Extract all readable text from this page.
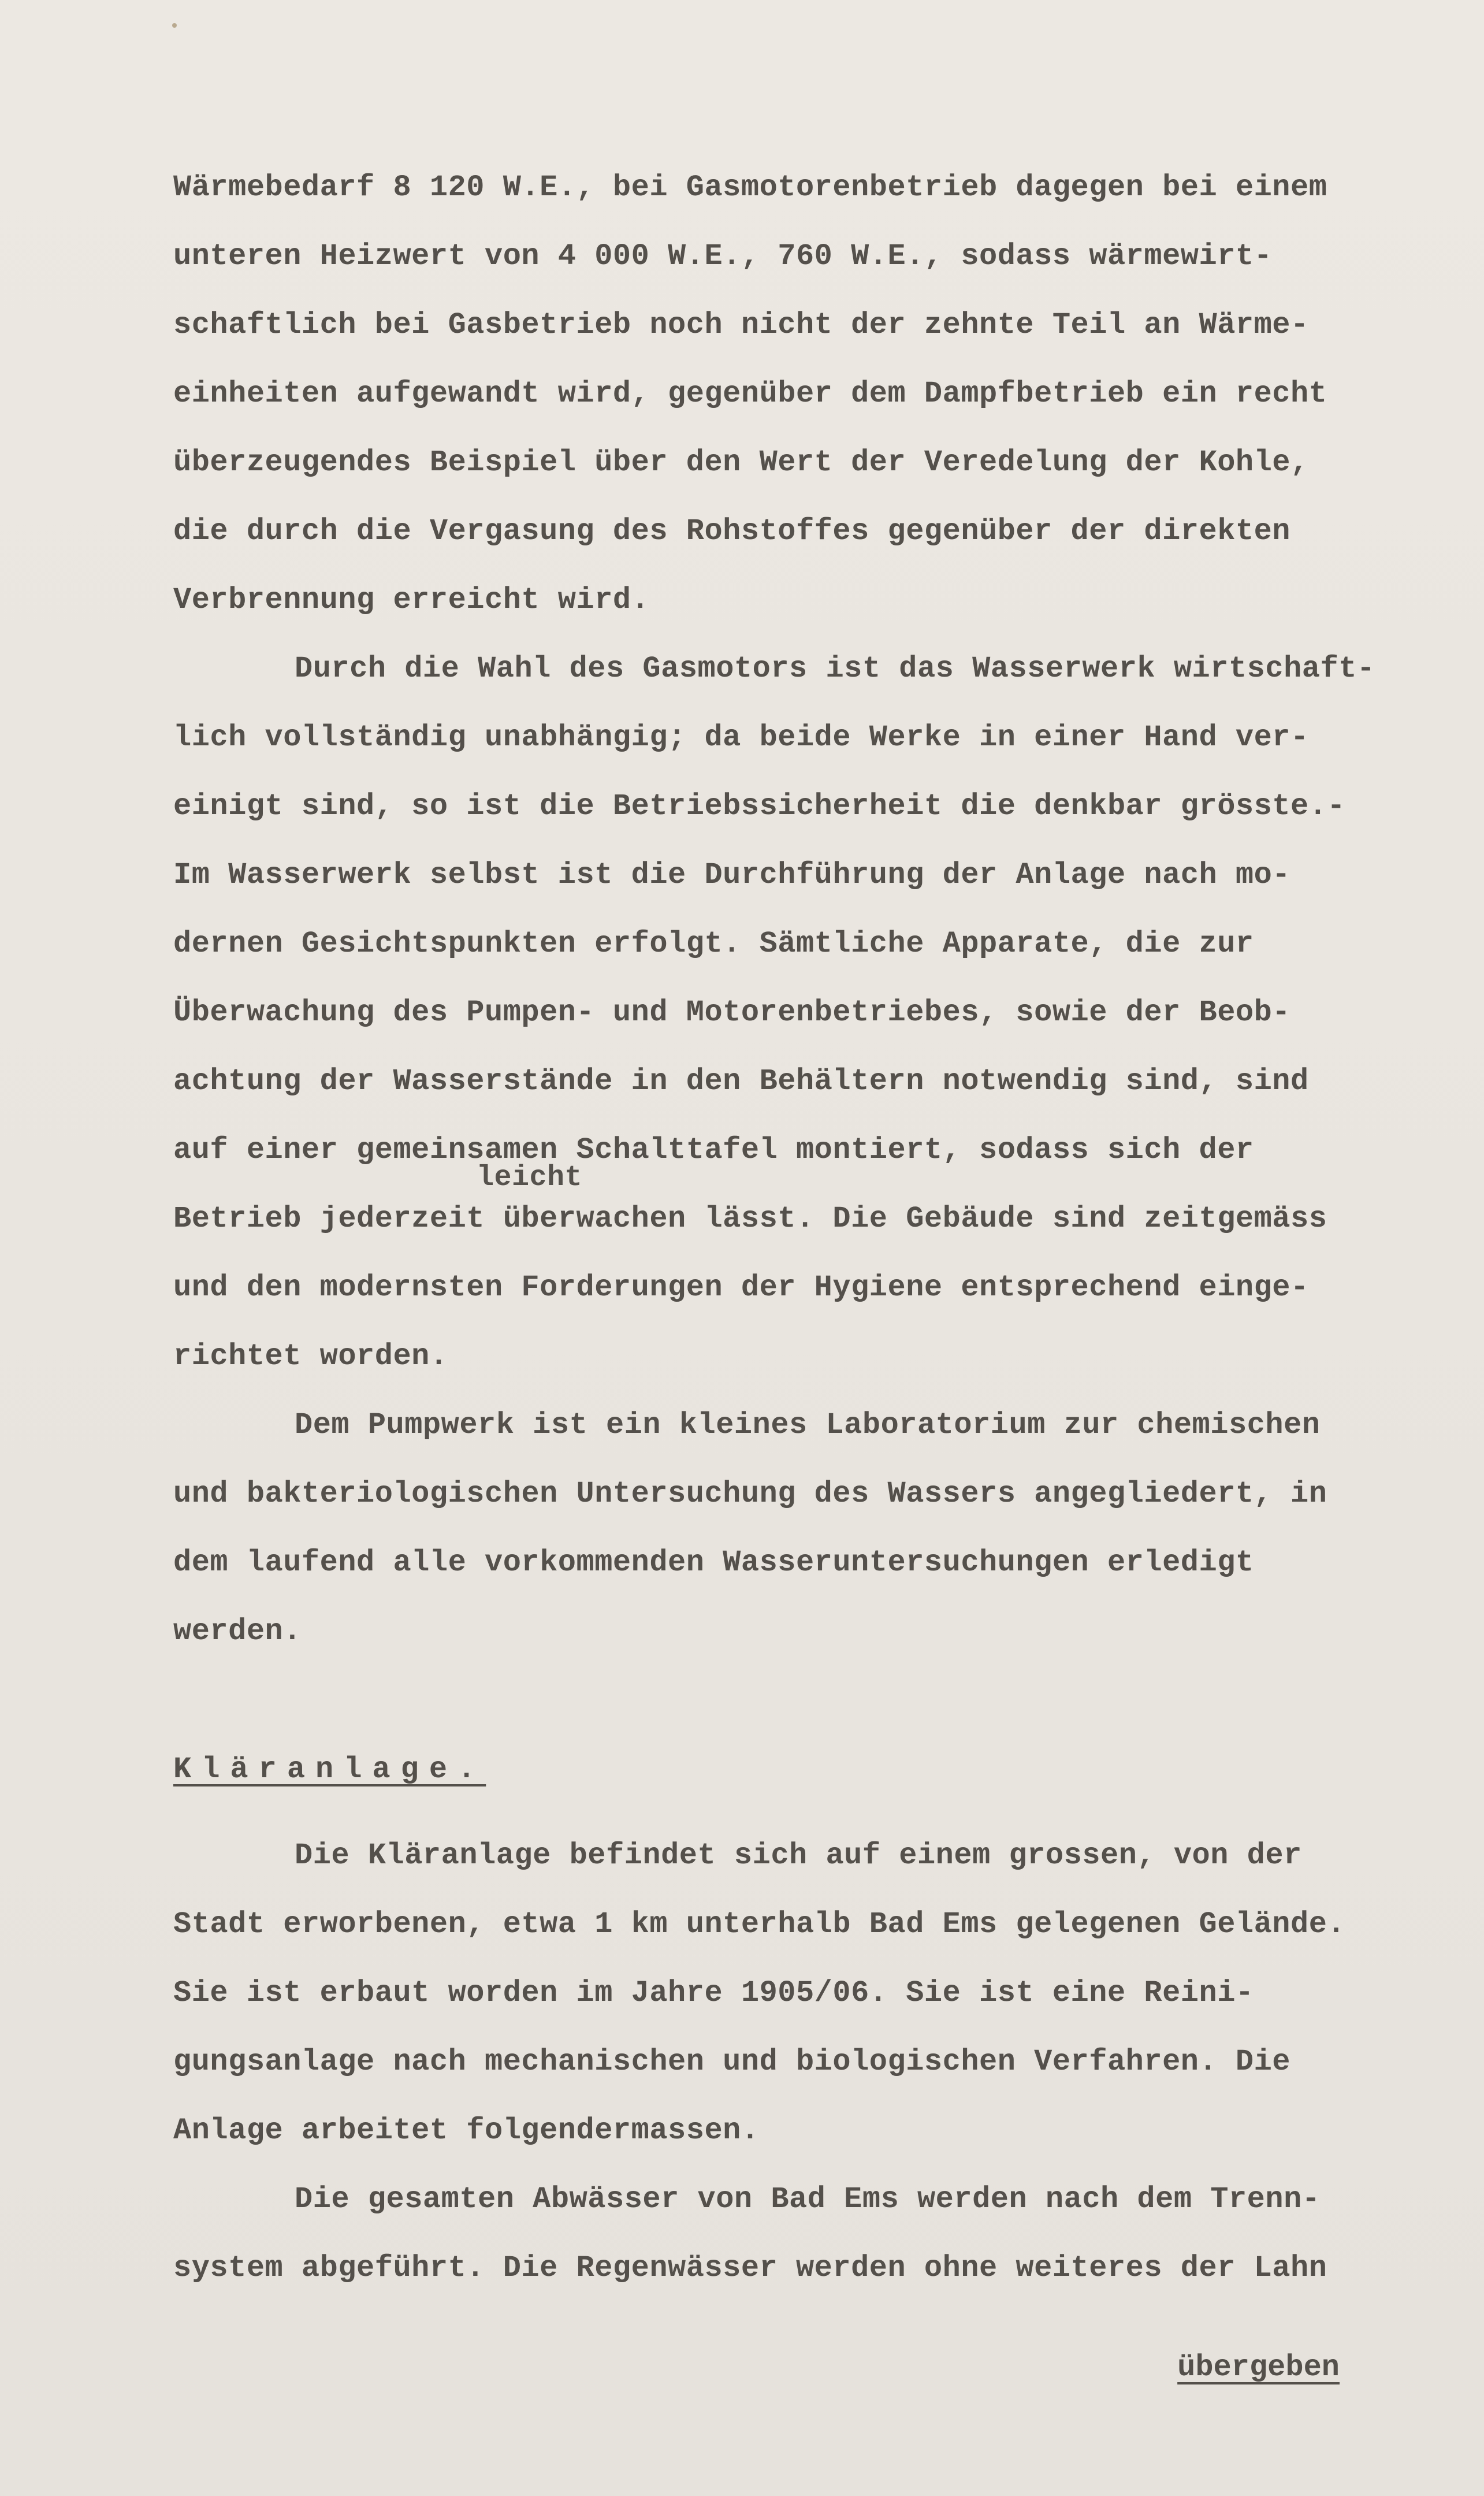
Wärmebedarf 8 120 W.E., bei Gasmotorenbetrieb dagegen bei einem
unteren Heizwert von 4 000 W.E., 760 W.E., sodass wärmewirt-
schaftlich bei Gasbetrieb noch nicht der zehnte Teil an Wärme-
einheiten aufgewandt wird, gegenüber dem Dampfbetrieb ein recht
überzeugendes Beispiel über den Wert der Veredelung der Kohle,
die durch die Vergasung des Rohstoffes gegenüber der direkten
Verbrennung erreicht wird.
Durch die Wahl des Gasmotors ist das Wasserwerk wirtschaft-
lich vollständig unabhängig; da beide Werke in einer Hand ver-
einigt sind, so ist die Betriebssicherheit die denkbar grösste.-
Im Wasserwerk selbst ist die Durchführung der Anlage nach mo-
dernen Gesichtspunkten erfolgt. Sämtliche Apparate, die zur
Überwachung des Pumpen- und Motorenbetriebes, sowie der Beob-
achtung der Wasserstände in den Behältern notwendig sind, sind
auf einer gemeinsamen Schalttafel montiert, sodass sich der
Betrieb jederzeit überwachen lässt. Die Gebäude sind zeitgemäss
und den modernsten Forderungen der Hygiene entsprechend einge-
richtet worden.
Dem Pumpwerk ist ein kleines Laboratorium zur chemischen
und bakteriologischen Untersuchung des Wassers angegliedert, in
dem laufend alle vorkommenden Wasseruntersuchungen erledigt
werden.
Kläranlage.
Die Kläranlage befindet sich auf einem grossen, von der
Stadt erworbenen, etwa 1 km unterhalb Bad Ems gelegenen Gelände.
Sie ist erbaut worden im Jahre 1905/06. Sie ist eine Reini-
gungsanlage nach mechanischen und biologischen Verfahren. Die
Anlage arbeitet folgendermassen.
Die gesamten Abwässer von Bad Ems werden nach dem Trenn-
system abgeführt. Die Regenwässer werden ohne weiteres der Lahn
leicht
übergeben
